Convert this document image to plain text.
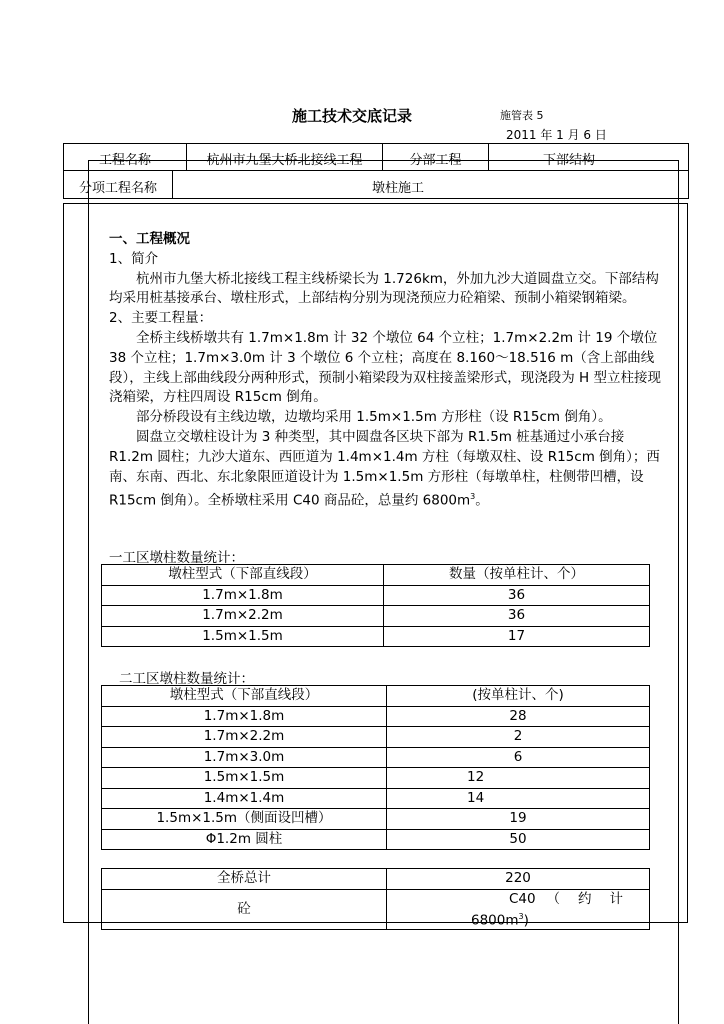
施工技术交底记录	施管表 5
2011 年 1 月 6 日
工程名称	杭州市九堡大桥北接线工程	分部工程	下部结构
分项工程名称	墩柱施工

一、工程概况

1、简介

杭州市九堡大桥北接线工程主线桥梁长为 1.726km，外加九沙大道圆盘立交。下部结构均采用桩基接承台、墩柱形式，上部结构分别为现浇预应力砼箱梁、预制小箱梁钢箱梁。

2、主要工程量：

全桥主线桥墩共有 1.7m×1.8m 计 32 个墩位 64 个立柱；1.7m×2.2m 计 19 个墩位 38 个立柱；1.7m×3.0m 计 3 个墩位 6 个立柱；高度在 8.160～18.516 m（含上部曲线段），主线上部曲线段分两种形式，预制小箱梁段为双柱接盖梁形式，现浇段为 H 型立柱接现浇箱梁，方柱四周设 R15cm 倒角。

部分桥段设有主线边墩，边墩均采用 1.5m×1.5m 方形柱（设 R15cm 倒角）。

圆盘立交墩柱设计为 3 种类型，其中圆盘各区块下部为 R1.5m 桩基通过小承台接 R1.2m 圆柱；九沙大道东、西匝道为 1.4m×1.4m 方柱（每墩双柱、设 R15cm 倒角）；西南、东南、西北、东北象限匝道设计为 1.5m×1.5m 方形柱（每墩单柱，柱侧带凹槽，设 R15cm 倒角）。全桥墩柱采用 C40 商品砼，总量约 $6800m^3$。

一工区墩柱数量统计：
墩柱型式（下部直线段）	数量（按单柱计、个）
1.7m×1.8m	36
1.7m×2.2m	36
1.5m×1.5m	17
二工区墩柱数量统计：
墩柱型式（下部直线段）	(按单柱计、个)
1.7m×1.8m	28
1.7m×2.2m	2
1.7m×3.0m	6
1.5m×1.5m	12
1.4m×1.4m	14
1.5m×1.5m（侧面设凹槽）	19
Φ1.2m 圆柱	50
全桥总计	220
砼	C40 （约计
$6800m^3$)
